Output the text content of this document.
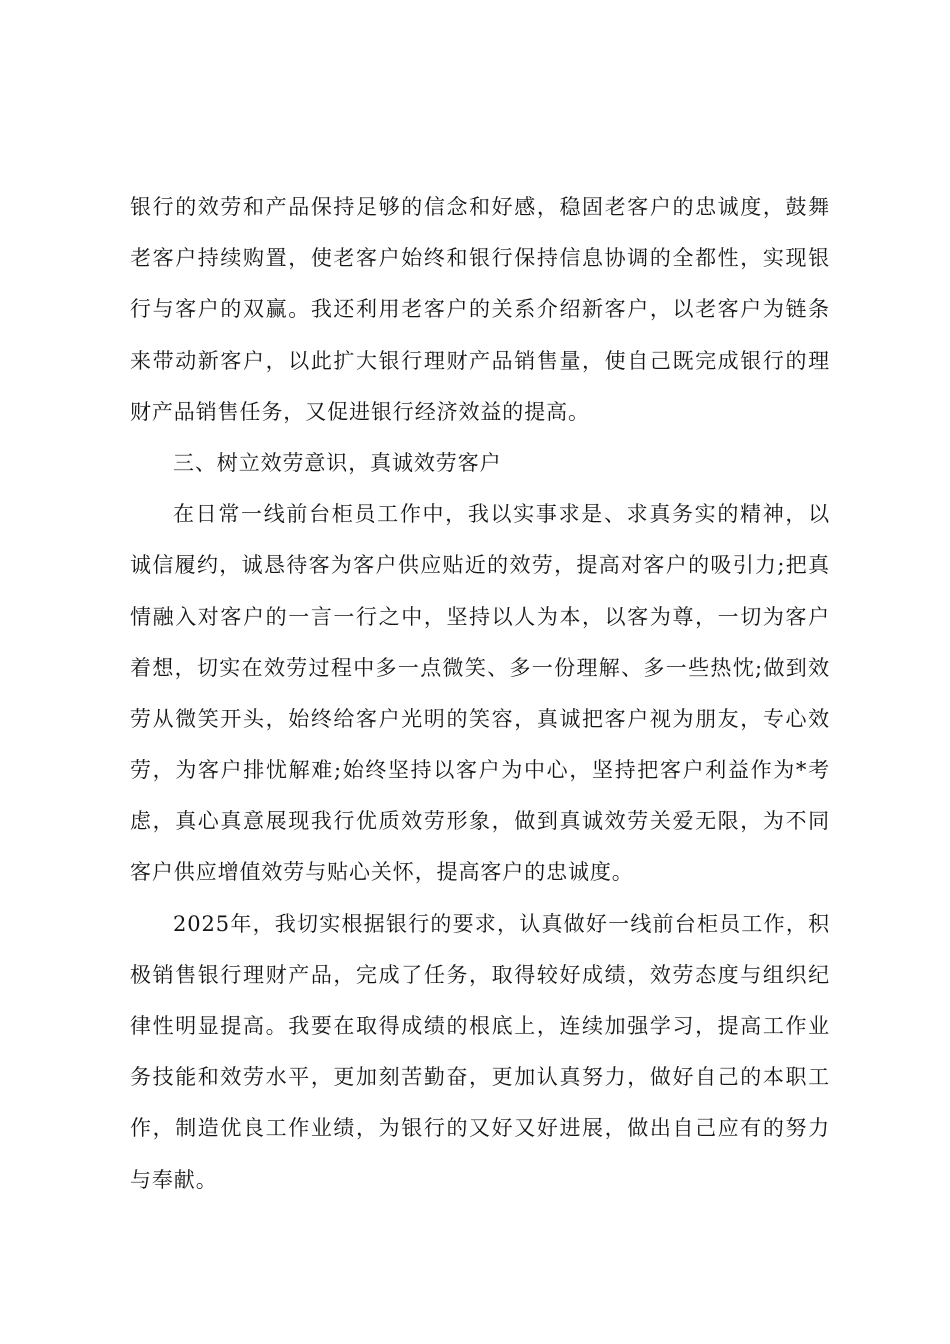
银行的效劳和产品保持足够的信念和好感，稳固老客户的忠诚度，鼓舞
老客户持续购置，使老客户始终和银行保持信息协调的全都性，实现银
行与客户的双赢。我还利用老客户的关系介绍新客户，以老客户为链条
来带动新客户，以此扩大银行理财产品销售量，使自己既完成银行的理
财产品销售任务，又促进银行经济效益的提高。
三、树立效劳意识，真诚效劳客户
在日常一线前台柜员工作中，我以实事求是、求真务实的精神，以
诚信履约，诚恳待客为客户供应贴近的效劳，提高对客户的吸引力;把真
情融入对客户的一言一行之中，坚持以人为本，以客为尊，一切为客户
着想，切实在效劳过程中多一点微笑、多一份理解、多一些热忱;做到效
劳从微笑开头，始终给客户光明的笑容，真诚把客户视为朋友，专心效
劳，为客户排忧解难;始终坚持以客户为中心，坚持把客户利益作为*考
虑，真心真意展现我行优质效劳形象，做到真诚效劳关爱无限，为不同
客户供应增值效劳与贴心关怀，提高客户的忠诚度。
2025年，我切实根据银行的要求，认真做好一线前台柜员工作，积
极销售银行理财产品，完成了任务，取得较好成绩，效劳态度与组织纪
律性明显提高。我要在取得成绩的根底上，连续加强学习，提高工作业
务技能和效劳水平，更加刻苦勤奋，更加认真努力，做好自己的本职工
作，制造优良工作业绩，为银行的又好又好进展，做出自己应有的努力
与奉献。
